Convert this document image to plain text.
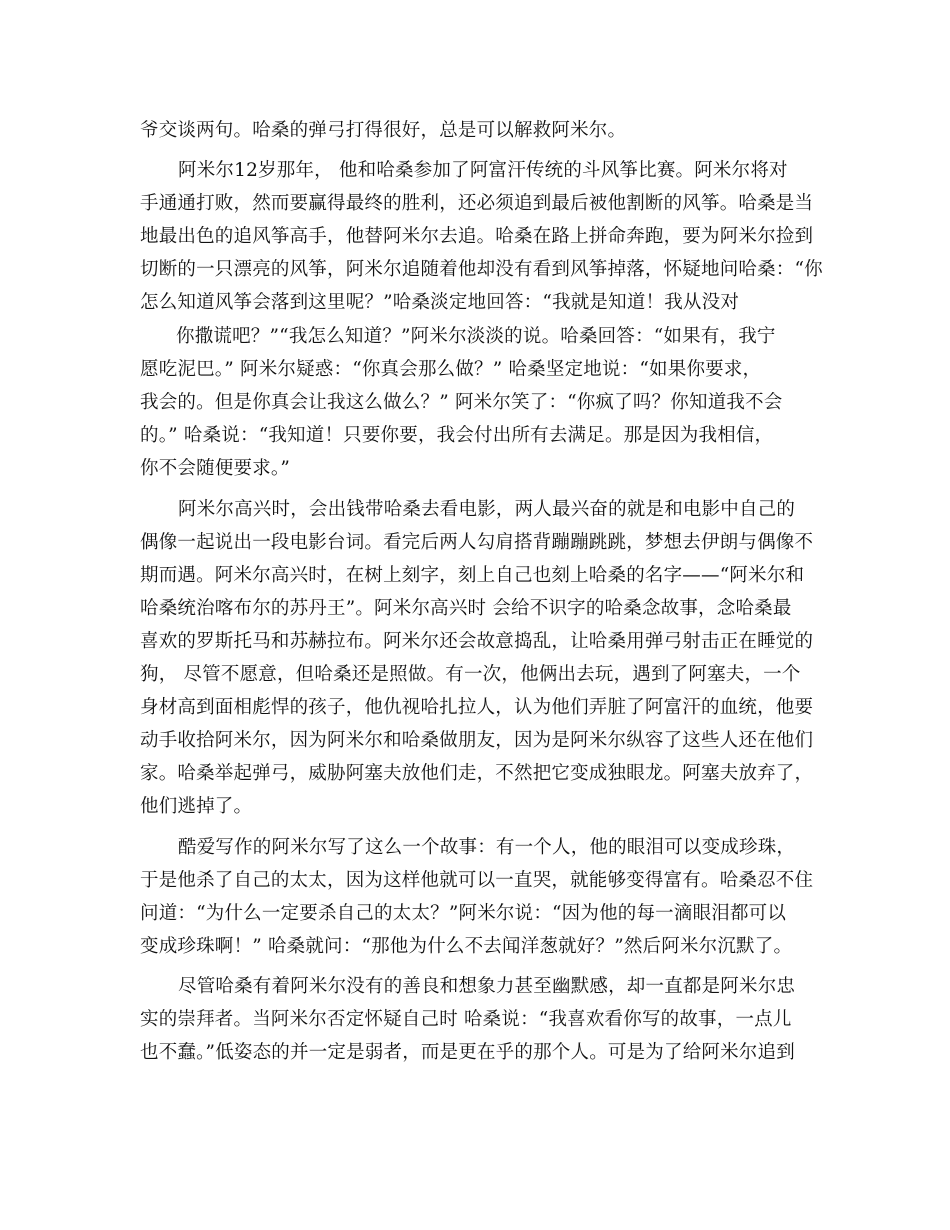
爷交谈两句。哈桑的弹弓打得很好，总是可以解救阿米尔。
阿米尔12岁那年， 他和哈桑参加了阿富汗传统的斗风筝比赛。阿米尔将对
手通通打败，然而要赢得最终的胜利，还必须追到最后被他割断的风筝。哈桑是当
地最出色的追风筝高手，他替阿米尔去追。哈桑在路上拼命奔跑，要为阿米尔捡到
切断的一只漂亮的风筝，阿米尔追随着他却没有看到风筝掉落，怀疑地问哈桑：“你
怎么知道风筝会落到这里呢？”哈桑淡定地回答：“我就是知道！我从没对
你撒谎吧？”“我怎么知道？”阿米尔淡淡的说。哈桑回答：“如果有，我宁
愿吃泥巴。” 阿米尔疑惑：“你真会那么做？” 哈桑坚定地说：“如果你要求，
我会的。但是你真会让我这么做么？” 阿米尔笑了：“你疯了吗？你知道我不会
的。” 哈桑说：“我知道！只要你要，我会付出所有去满足。那是因为我相信，
你不会随便要求。”
阿米尔高兴时，会出钱带哈桑去看电影，两人最兴奋的就是和电影中自己的
偶像一起说出一段电影台词。看完后两人勾肩搭背蹦蹦跳跳，梦想去伊朗与偶像不
期而遇。阿米尔高兴时，在树上刻字，刻上自己也刻上哈桑的名字——“阿米尔和
哈桑统治喀布尔的苏丹王”。阿米尔高兴时 会给不识字的哈桑念故事，念哈桑最
喜欢的罗斯托马和苏赫拉布。阿米尔还会故意捣乱，让哈桑用弹弓射击正在睡觉的
狗， 尽管不愿意，但哈桑还是照做。有一次，他俩出去玩，遇到了阿塞夫，一个
身材高到面相彪悍的孩子，他仇视哈扎拉人，认为他们弄脏了阿富汗的血统，他要
动手收拾阿米尔，因为阿米尔和哈桑做朋友，因为是阿米尔纵容了这些人还在他们
家。哈桑举起弹弓，威胁阿塞夫放他们走，不然把它变成独眼龙。阿塞夫放弃了，
他们逃掉了。
酷爱写作的阿米尔写了这么一个故事：有一个人，他的眼泪可以变成珍珠，
于是他杀了自己的太太，因为这样他就可以一直哭，就能够变得富有。哈桑忍不住
问道：“为什么一定要杀自己的太太？”阿米尔说：“因为他的每一滴眼泪都可以
变成珍珠啊！” 哈桑就问：“那他为什么不去闻洋葱就好？”然后阿米尔沉默了。
尽管哈桑有着阿米尔没有的善良和想象力甚至幽默感，却一直都是阿米尔忠
实的崇拜者。当阿米尔否定怀疑自己时 哈桑说：“我喜欢看你写的故事，一点儿
也不蠢。”低姿态的并一定是弱者，而是更在乎的那个人。可是为了给阿米尔追到
